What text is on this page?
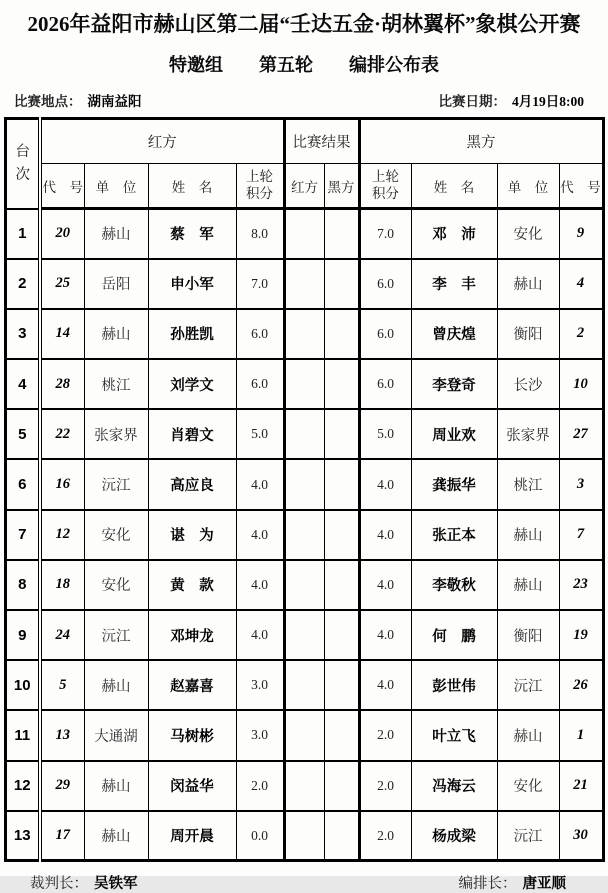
2026年益阳市赫山区第二届“壬达五金·胡林翼杯”象棋公开赛
特邀组　　第五轮　　编排公布表
比赛地点： 湖南益阳	比赛日期： 4月19日8:00
台次	红方				比赛结果		黑方			
	代　号	单　位	姓　名	上轮积分	红方	黑方	上轮积分	姓　名	单　位	代　号
1	20	赫山	蔡　军	8.0			7.0	邓　沛	安化	9
2	25	岳阳	申小军	7.0			6.0	李　丰	赫山	4
3	14	赫山	孙胜凯	6.0			6.0	曾庆煌	衡阳	2
4	28	桃江	刘学文	6.0			6.0	李登奇	长沙	10
5	22	张家界	肖碧文	5.0			5.0	周业欢	张家界	27
6	16	沅江	高应良	4.0			4.0	龚振华	桃江	3
7	12	安化	谌　为	4.0			4.0	张正本	赫山	7
8	18	安化	黄　款	4.0			4.0	李敬秋	赫山	23
9	24	沅江	邓坤龙	4.0			4.0	何　鹏	衡阳	19
10	5	赫山	赵嘉喜	3.0			4.0	彭世伟	沅江	26
11	13	大通湖	马树彬	3.0			2.0	叶立飞	赫山	1
12	29	赫山	闵益华	2.0			2.0	冯海云	安化	21
13	17	赫山	周开晨	0.0			2.0	杨成梁	沅江	30
裁判长： 吴铁军	编排长： 唐亚顺
